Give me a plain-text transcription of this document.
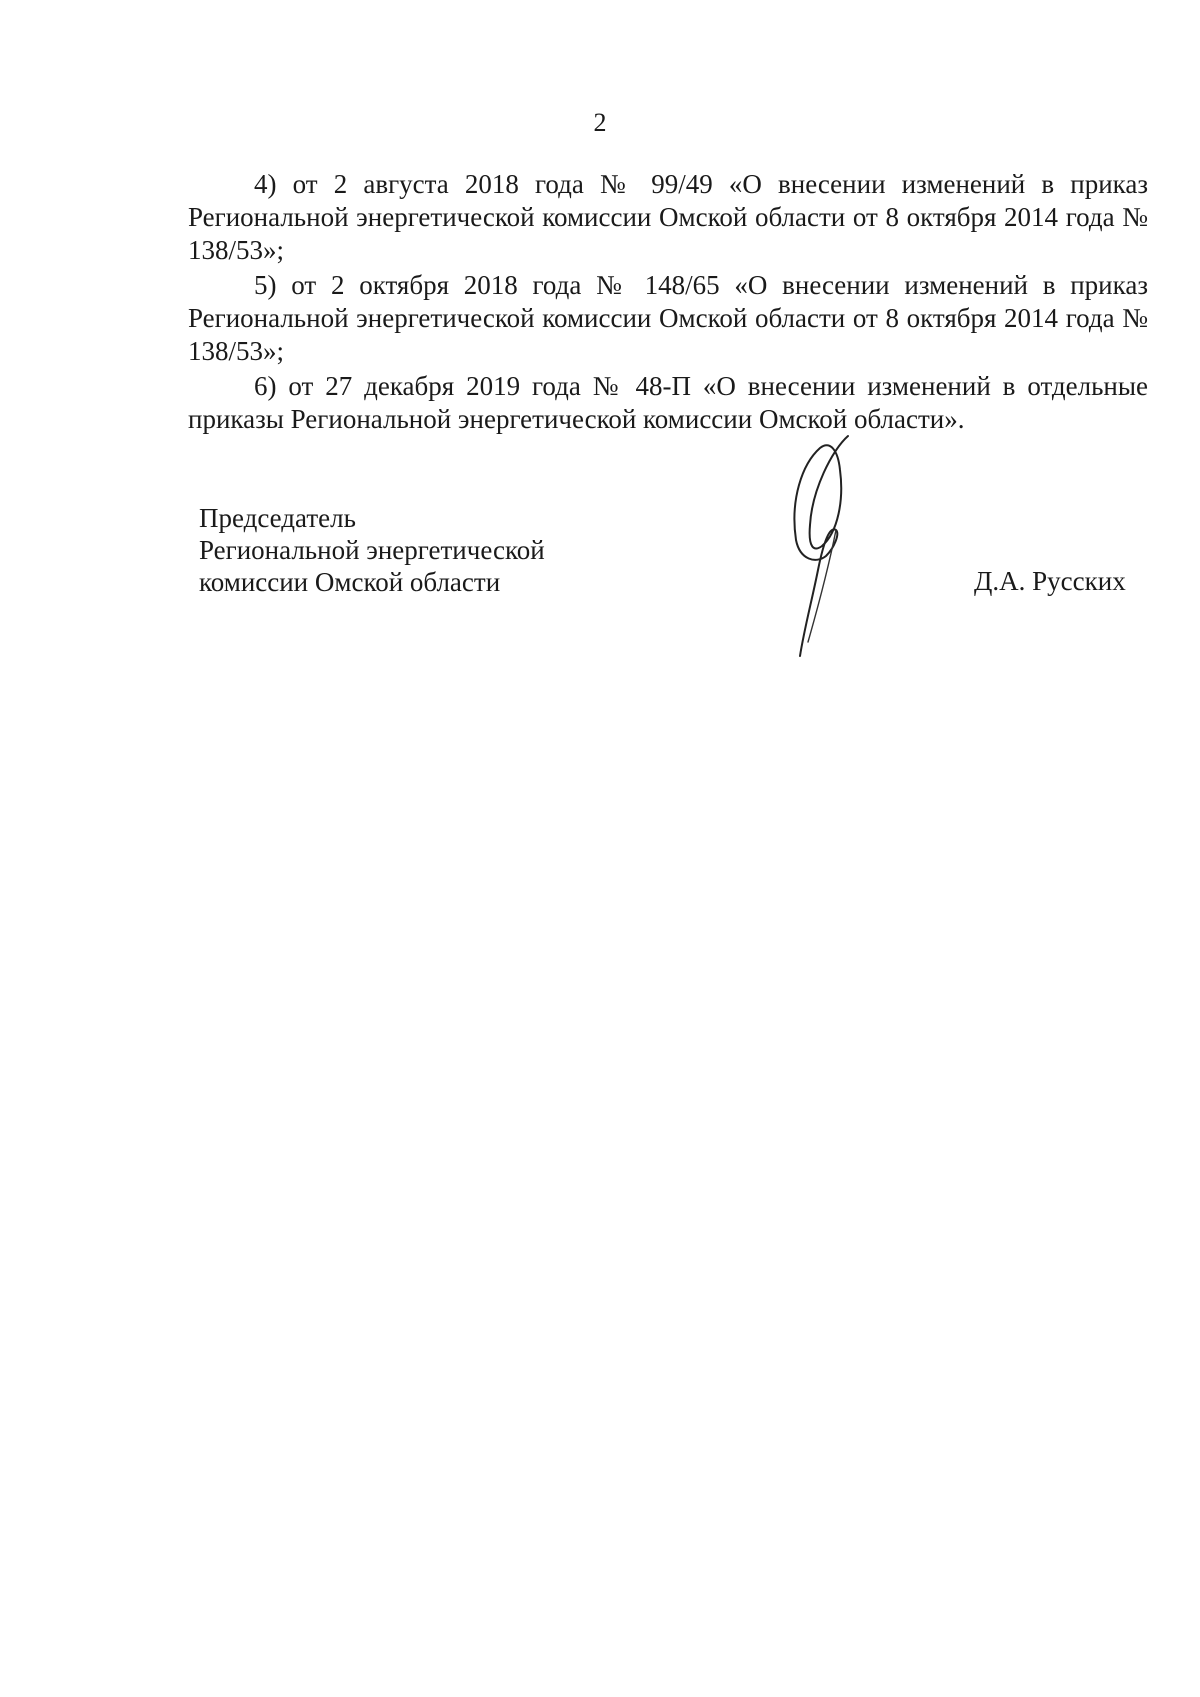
2

4) от 2 августа 2018 года № 99/49 «О внесении изменений в приказ Региональной энергетической комиссии Омской области от 8 октября 2014 года № 138/53»;

5) от 2 октября 2018 года № 148/65 «О внесении изменений в приказ Региональной энергетической комиссии Омской области от 8 октября 2014 года № 138/53»;

6) от 27 декабря 2019 года № 48-П «О внесении изменений в отдельные приказы Региональной энергетической комиссии Омской области».

Председатель
Региональной энергетической
комиссии Омской области	Д.А. Русских
